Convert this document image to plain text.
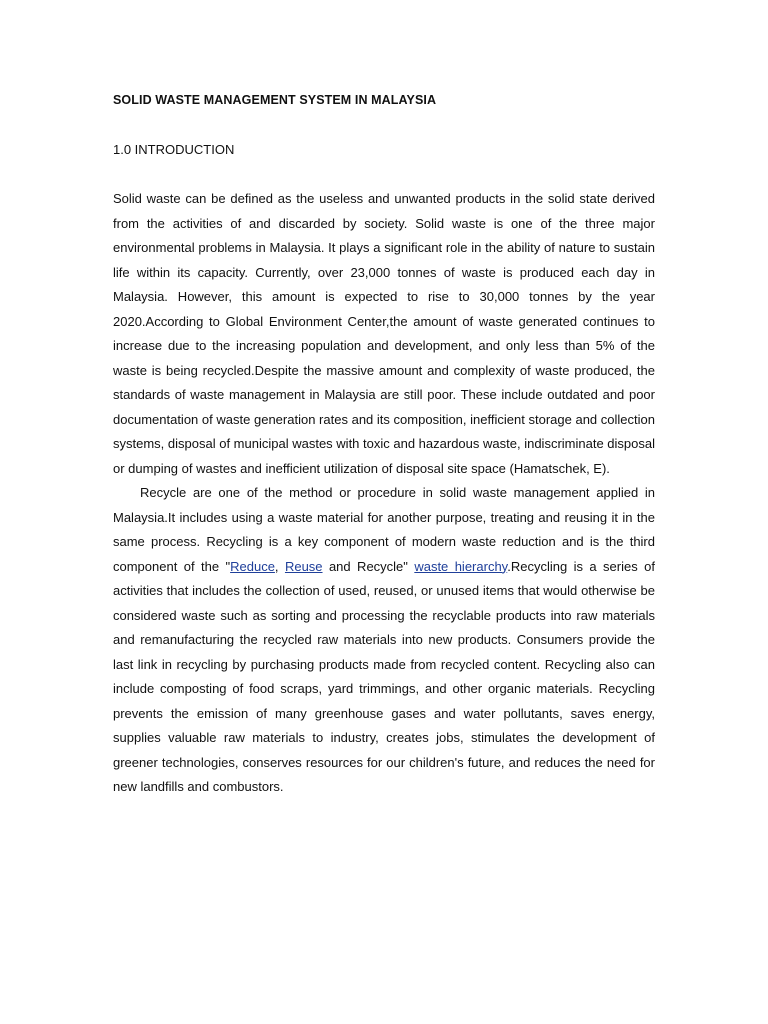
SOLID WASTE MANAGEMENT SYSTEM IN MALAYSIA
1.0 INTRODUCTION

Solid waste can be defined as the useless and unwanted products in the solid state derived from the activities of and discarded by society. Solid waste is one of the three major environmental problems in Malaysia. It plays a significant role in the ability of nature to sustain life within its capacity. Currently, over 23,000 tonnes of waste is produced each day in Malaysia. However, this amount is expected to rise to 30,000 tonnes by the year 2020.According to Global Environment Center,the amount of waste generated continues to increase due to the increasing population and development, and only less than 5% of the waste is being recycled.Despite the massive amount and complexity of waste produced, the standards of waste management in Malaysia are still poor. These include outdated and poor documentation of waste generation rates and its composition, inefficient storage and collection systems, disposal of municipal wastes with toxic and hazardous waste, indiscriminate disposal or dumping of wastes and inefficient utilization of disposal site space (Hamatschek, E).

Recycle are one of the method or procedure in solid waste management applied in Malaysia.It includes using a waste material for another purpose, treating and reusing it in the same process. Recycling is a key component of modern waste reduction and is the third component of the "Reduce, Reuse and Recycle" waste hierarchy.Recycling is a series of activities that includes the collection of used, reused, or unused items that would otherwise be considered waste such as sorting and processing the recyclable products into raw materials and remanufacturing the recycled raw materials into new products. Consumers provide the last link in recycling by purchasing products made from recycled content. Recycling also can include composting of food scraps, yard trimmings, and other organic materials. Recycling prevents the emission of many greenhouse gases and water pollutants, saves energy, supplies valuable raw materials to industry, creates jobs, stimulates the development of greener technologies, conserves resources for our children's future, and reduces the need for new landfills and combustors.
